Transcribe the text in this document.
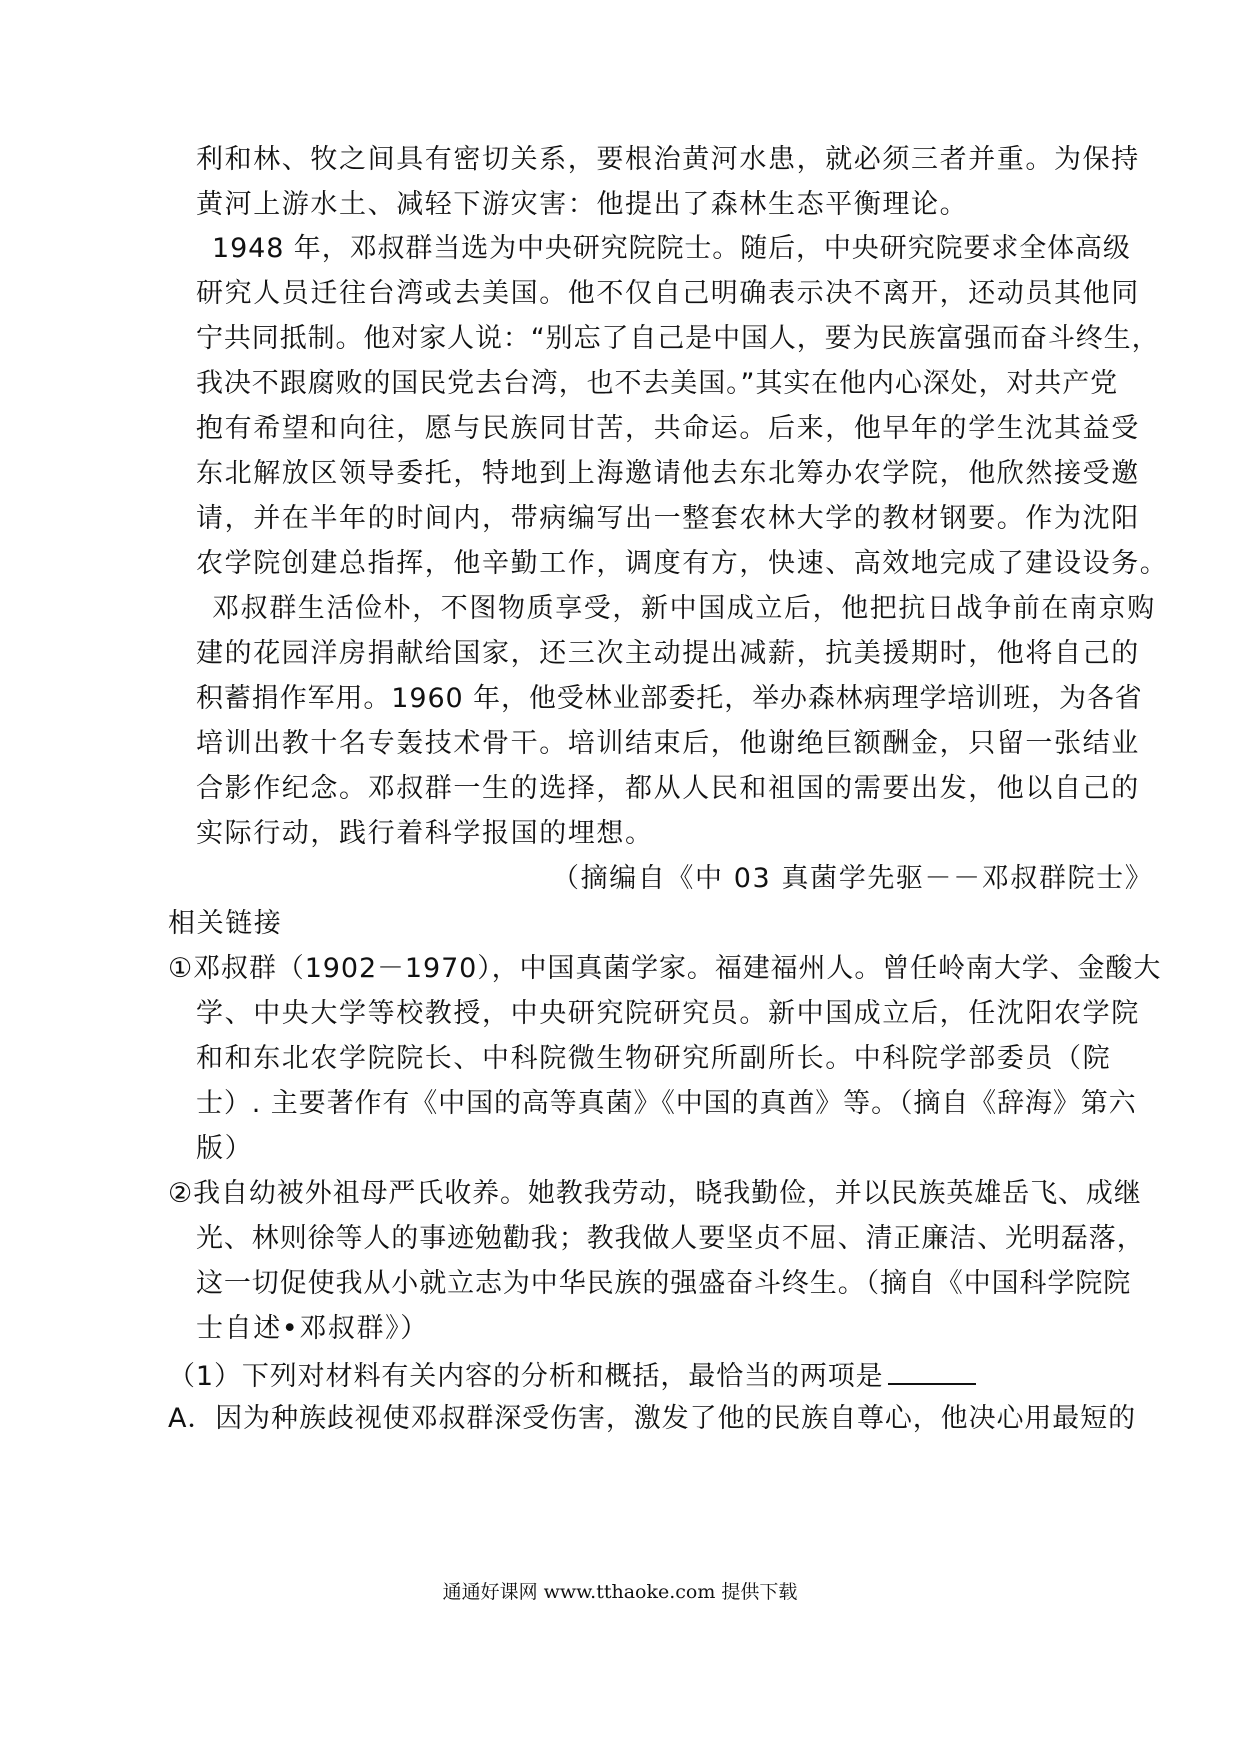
利和林、牧之间具有密切关系，要根治黄河水患，就必须三者并重。为保持
黄河上游水土、减轻下游灾害：他提出了森林生态平衡理论。
1948 年，邓叔群当选为中央研究院院士。随后，中央研究院要求全体高级
研究人员迁往台湾或去美国。他不仅自己明确表示决不离开，还动员其他同
宁共同抵制。他对家人说：“别忘了自己是中国人，要为民族富强而奋斗终生，
我决不跟腐败的国民党去台湾，也不去美国。”其实在他内心深处，对共产党
抱有希望和向往，愿与民族同甘苦，共命运。后来，他早年的学生沈其益受
东北解放区领导委托，特地到上海邀请他去东北筹办农学院，他欣然接受邀
请，并在半年的时间内，带病编写出一整套农林大学的教材钢要。作为沈阳
农学院创建总指挥，他辛勤工作，调度有方，快速、高效地完成了建设设务。
邓叔群生活俭朴，不图物质享受，新中国成立后，他把抗日战争前在南京购
建的花园洋房捐献给国家，还三次主动提出减薪，抗美援期时，他将自己的
积蓄捐作军用。1960 年，他受林业部委托，举办森林病理学培训班，为各省
培训出教十名专轰技术骨干。培训结束后，他谢绝巨额酬金，只留一张结业
合影作纪念。邓叔群一生的选择，都从人民和祖国的需要出发，他以自己的
实际行动，践行着科学报国的埋想。
（摘编自《中 03 真菌学先驱－－邓叔群院士》
相关链接
①邓叔群（1902－1970），中国真菌学家。福建福州人。曾任岭南大学、金酸大
学、中央大学等校教授，中央研究院研究员。新中国成立后，任沈阳农学院
和和东北农学院院长、中科院微生物研究所副所长。中科院学部委员（院
士）. 主要著作有《中国的高等真菌》《中国的真酋》等。（摘自《辞海》第六
版）
②我自幼被外祖母严氏收养。她教我劳动，晓我勤俭，并以民族英雄岳飞、成继
光、林则徐等人的事迹勉勸我；教我做人要坚贞不屈、清正廉洁、光明磊落，
这一切促使我从小就立志为中华民族的强盛奋斗终生。（摘自《中国科学院院
士自述•邓叔群》）
（1）下列对材料有关内容的分析和概括，最恰当的两项是
A．因为种族歧视使邓叔群深受伤害，激发了他的民族自尊心，他决心用最短的
通通好课网 www.tthaoke.com 提供下载
